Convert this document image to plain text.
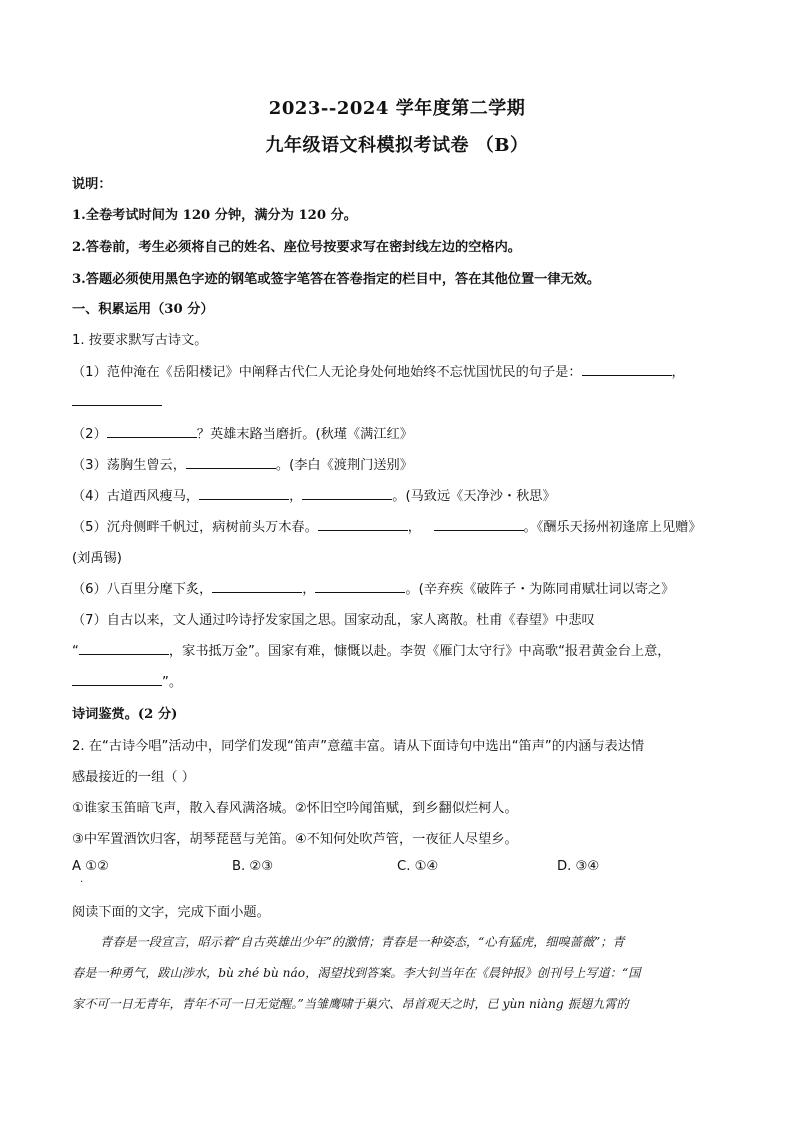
2023--2024 学年度第二学期
九年级语文科模拟考试卷 （B）
说明：
1.全卷考试时间为 120 分钟，满分为 120 分。
2.答卷前，考生必须将自己的姓名、座位号按要求写在密封线左边的空格内。
3.答题必须使用黑色字迹的钢笔或签字笔答在答卷指定的栏目中，答在其他位置一律无效。
一、积累运用（30 分）
1. 按要求默写古诗文。
（1）范仲淹在《岳阳楼记》中阐释古代仁人无论身处何地始终不忘忧国忧民的句子是：	，
（2）	？英雄末路当磨折。(秋瑾《满江红》
（3）荡胸生曾云，	。(李白《渡荆门送别》
（4）古道西风瘦马，	，	。(马致远《天净沙・秋思》
（5）沉舟侧畔千帆过，病树前头万木春。	，	。《酬乐天扬州初逢席上见赠》
(刘禹锡)
（6）八百里分麾下炙，	，	。(辛弃疾《破阵子・为陈同甫赋壮词以寄之》
（7）自古以来，文人通过吟诗抒发家国之思。国家动乱，家人离散。杜甫《春望》中悲叹
“	，家书抵万金”。国家有难，慷慨以赴。李贺《雁门太守行》中高歌“报君黄金台上意，
”。
诗词鉴赏。(2 分)
2. 在“古诗今唱”活动中，同学们发现“笛声”意蕴丰富。请从下面诗句中选出“笛声”的内涵与表达情
感最接近的一组（ ）
①谁家玉笛暗飞声，散入春风满洛城。②怀旧空吟闻笛赋，到乡翻似烂柯人。
③中军置酒饮归客，胡琴琵琶与羌笛。④不知何处吹芦管，一夜征人尽望乡。
A ①②	B. ②③	C. ①④	D. ③④
.
阅读下面的文字，完成下面小题。
青春是一段宣言，昭示着“自古英雄出少年”的激情；青春是一种姿态，“心有猛虎，细嗅蔷薇”；青
春是一种勇气，跋山涉水，bù zhé bù náo，渴望找到答案。李大钊当年在《晨钟报》创刊号上写道：“国
家不可一日无青年，青年不可一日无觉醒。”当雏鹰啸于巢穴、昂首观天之时，已 yùn niàng 振翅九霄的
